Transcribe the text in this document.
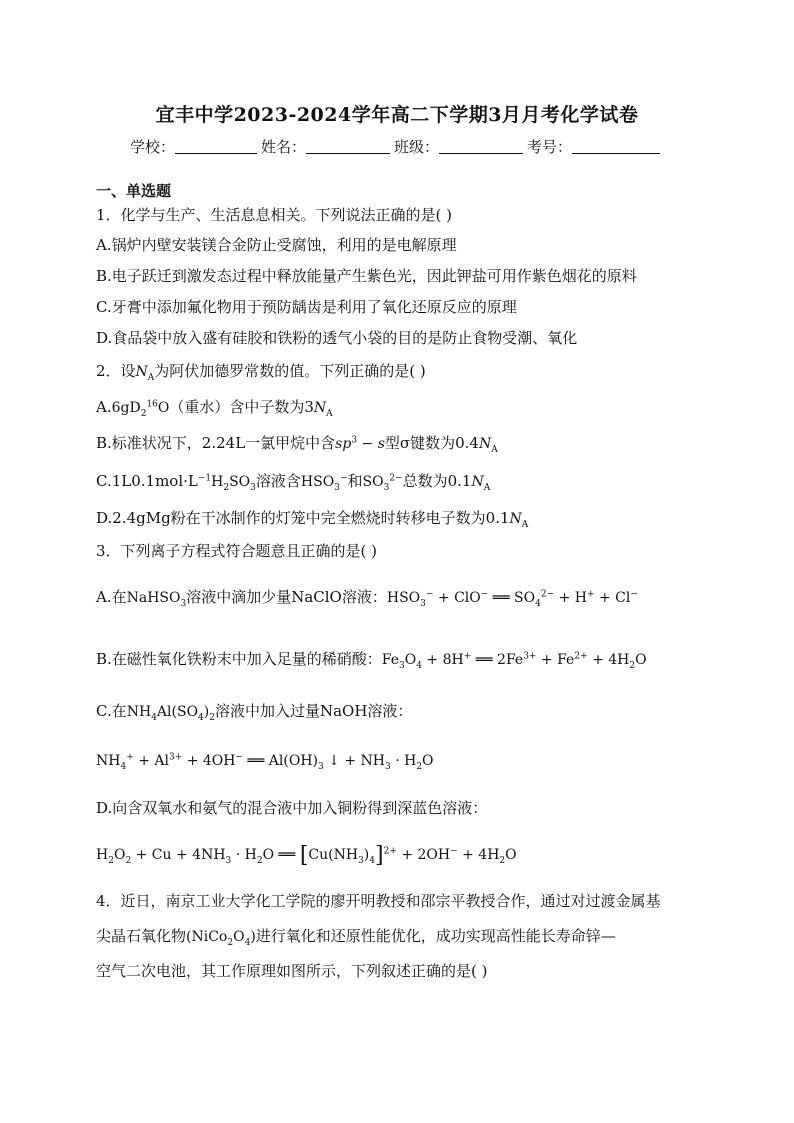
宜丰中学2023-2024学年高二下学期3月月考化学试卷
学校：	姓名：	班级：	考号：
一、单选题
1．化学与生产、生活息息相关。下列说法正确的是( )
A.锅炉内壁安装镁合金防止受腐蚀，利用的是电解原理
B.电子跃迁到激发态过程中释放能量产生紫色光，因此钾盐可用作紫色烟花的原料
C.牙膏中添加氟化物用于预防龋齿是利用了氧化还原反应的原理
D.食品袋中放入盛有硅胶和铁粉的透气小袋的目的是防止食物受潮、氧化
2．设$N_A$为阿伏加德罗常数的值。下列正确的是( )
$A.6gD_2^{16}O$（重水）含中子数为$3N_A$
B.标准状况下，2.24L一氯甲烷中含$sp^3 - s$型σ键数为$0.4N_A$
$C.1L0.1mol\cdot L^{-1}H_2SO_3$溶液含$HSO_3^-$和$SO_3^{2-}$总数为$0.1N_A$
D.2.4gMg粉在干冰制作的灯笼中完全燃烧时转移电子数为$0.1N_A$
3．下列离子方程式符合题意且正确的是( )
A.在NaHSO$_3$溶液中滴加少量NaClO溶液：$HSO_3^- + ClO^-$ ══ $SO_4^{2-} + H^+ + Cl^-$
B.在磁性氧化铁粉末中加入足量的稀硝酸：$Fe_3O_4 + 8H^+$ ══ $2Fe^{3+} + Fe^{2+} + 4H_2O$
C.在$NH_4Al(SO_4)_2$溶液中加入过量NaOH溶液：
$NH_4^+ + Al^{3+} + 4OH^-$ ══ $Al(OH)_3$ ↓ + $NH_3 \cdot H_2O$
D.向含双氧水和氨气的混合液中加入铜粉得到深蓝色溶液：
$H_2O_2 + Cu + 4NH_3 \cdot H_2O$ ══ $[Cu(NH_3)_4]^{2+} + 2OH^- + 4H_2O$
4．近日，南京工业大学化工学院的廖开明教授和邵宗平教授合作，通过对过渡金属基
尖晶石氧化物$(NiCo_2O_4)$进行氧化和还原性能优化，成功实现高性能长寿命锌—
空气二次电池，其工作原理如图所示，下列叙述正确的是( )
